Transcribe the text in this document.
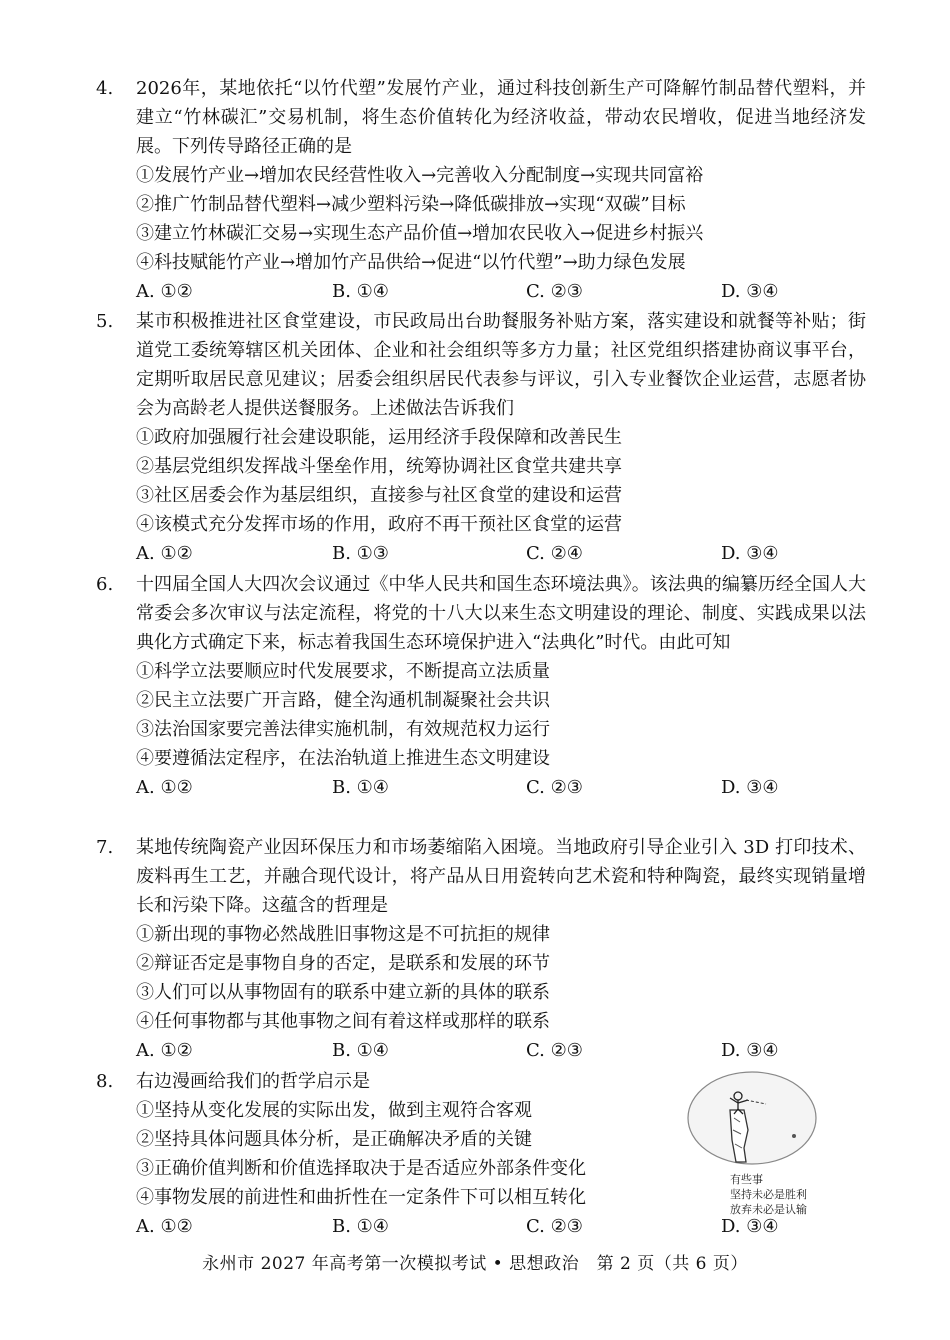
4. 2026年，某地依托“以竹代塑”发展竹产业，通过科技创新生产可降解竹制品替代塑料，并建立“竹林碳汇”交易机制，将生态价值转化为经济收益，带动农民增收，促进当地经济发展。下列传导路径正确的是
①发展竹产业→增加农民经营性收入→完善收入分配制度→实现共同富裕
②推广竹制品替代塑料→减少塑料污染→降低碳排放→实现“双碳”目标
③建立竹林碳汇交易→实现生态产品价值→增加农民收入→促进乡村振兴
④科技赋能竹产业→增加竹产品供给→促进“以竹代塑”→助力绿色发展
A. ①②	B. ①④	C. ②③	D. ③④
5. 某市积极推进社区食堂建设，市民政局出台助餐服务补贴方案，落实建设和就餐等补贴；街道党工委统筹辖区机关团体、企业和社会组织等多方力量；社区党组织搭建协商议事平台，定期听取居民意见建议；居委会组织居民代表参与评议，引入专业餐饮企业运营，志愿者协会为高龄老人提供送餐服务。上述做法告诉我们
①政府加强履行社会建设职能，运用经济手段保障和改善民生
②基层党组织发挥战斗堡垒作用，统筹协调社区食堂共建共享
③社区居委会作为基层组织，直接参与社区食堂的建设和运营
④该模式充分发挥市场的作用，政府不再干预社区食堂的运营
A. ①②	B. ①③	C. ②④	D. ③④
6. 十四届全国人大四次会议通过《中华人民共和国生态环境法典》。该法典的编纂历经全国人大常委会多次审议与法定流程，将党的十八大以来生态文明建设的理论、制度、实践成果以法典化方式确定下来，标志着我国生态环境保护进入“法典化”时代。由此可知
①科学立法要顺应时代发展要求，不断提高立法质量
②民主立法要广开言路，健全沟通机制凝聚社会共识
③法治国家要完善法律实施机制，有效规范权力运行
④要遵循法定程序，在法治轨道上推进生态文明建设
A. ①②	B. ①④	C. ②③	D. ③④
7. 某地传统陶瓷产业因环保压力和市场萎缩陷入困境。当地政府引导企业引入 3D 打印技术、废料再生工艺，并融合现代设计，将产品从日用瓷转向艺术瓷和特种陶瓷，最终实现销量增长和污染下降。这蕴含的哲理是
①新出现的事物必然战胜旧事物这是不可抗拒的规律
②辩证否定是事物自身的否定，是联系和发展的环节
③人们可以从事物固有的联系中建立新的具体的联系
④任何事物都与其他事物之间有着这样或那样的联系
A. ①②	B. ①④	C. ②③	D. ③④
8. 右边漫画给我们的哲学启示是
①坚持从变化发展的实际出发，做到主观符合客观
②坚持具体问题具体分析，是正确解决矛盾的关键
③正确价值判断和价值选择取决于是否适应外部条件变化
④事物发展的前进性和曲折性在一定条件下可以相互转化
A. ①②	B. ①④	C. ②③	D. ③④
有些事
坚持未必是胜利
放弃未必是认输
永州市 2027 年高考第一次模拟考试 • 思想政治　第 2 页（共 6 页）
